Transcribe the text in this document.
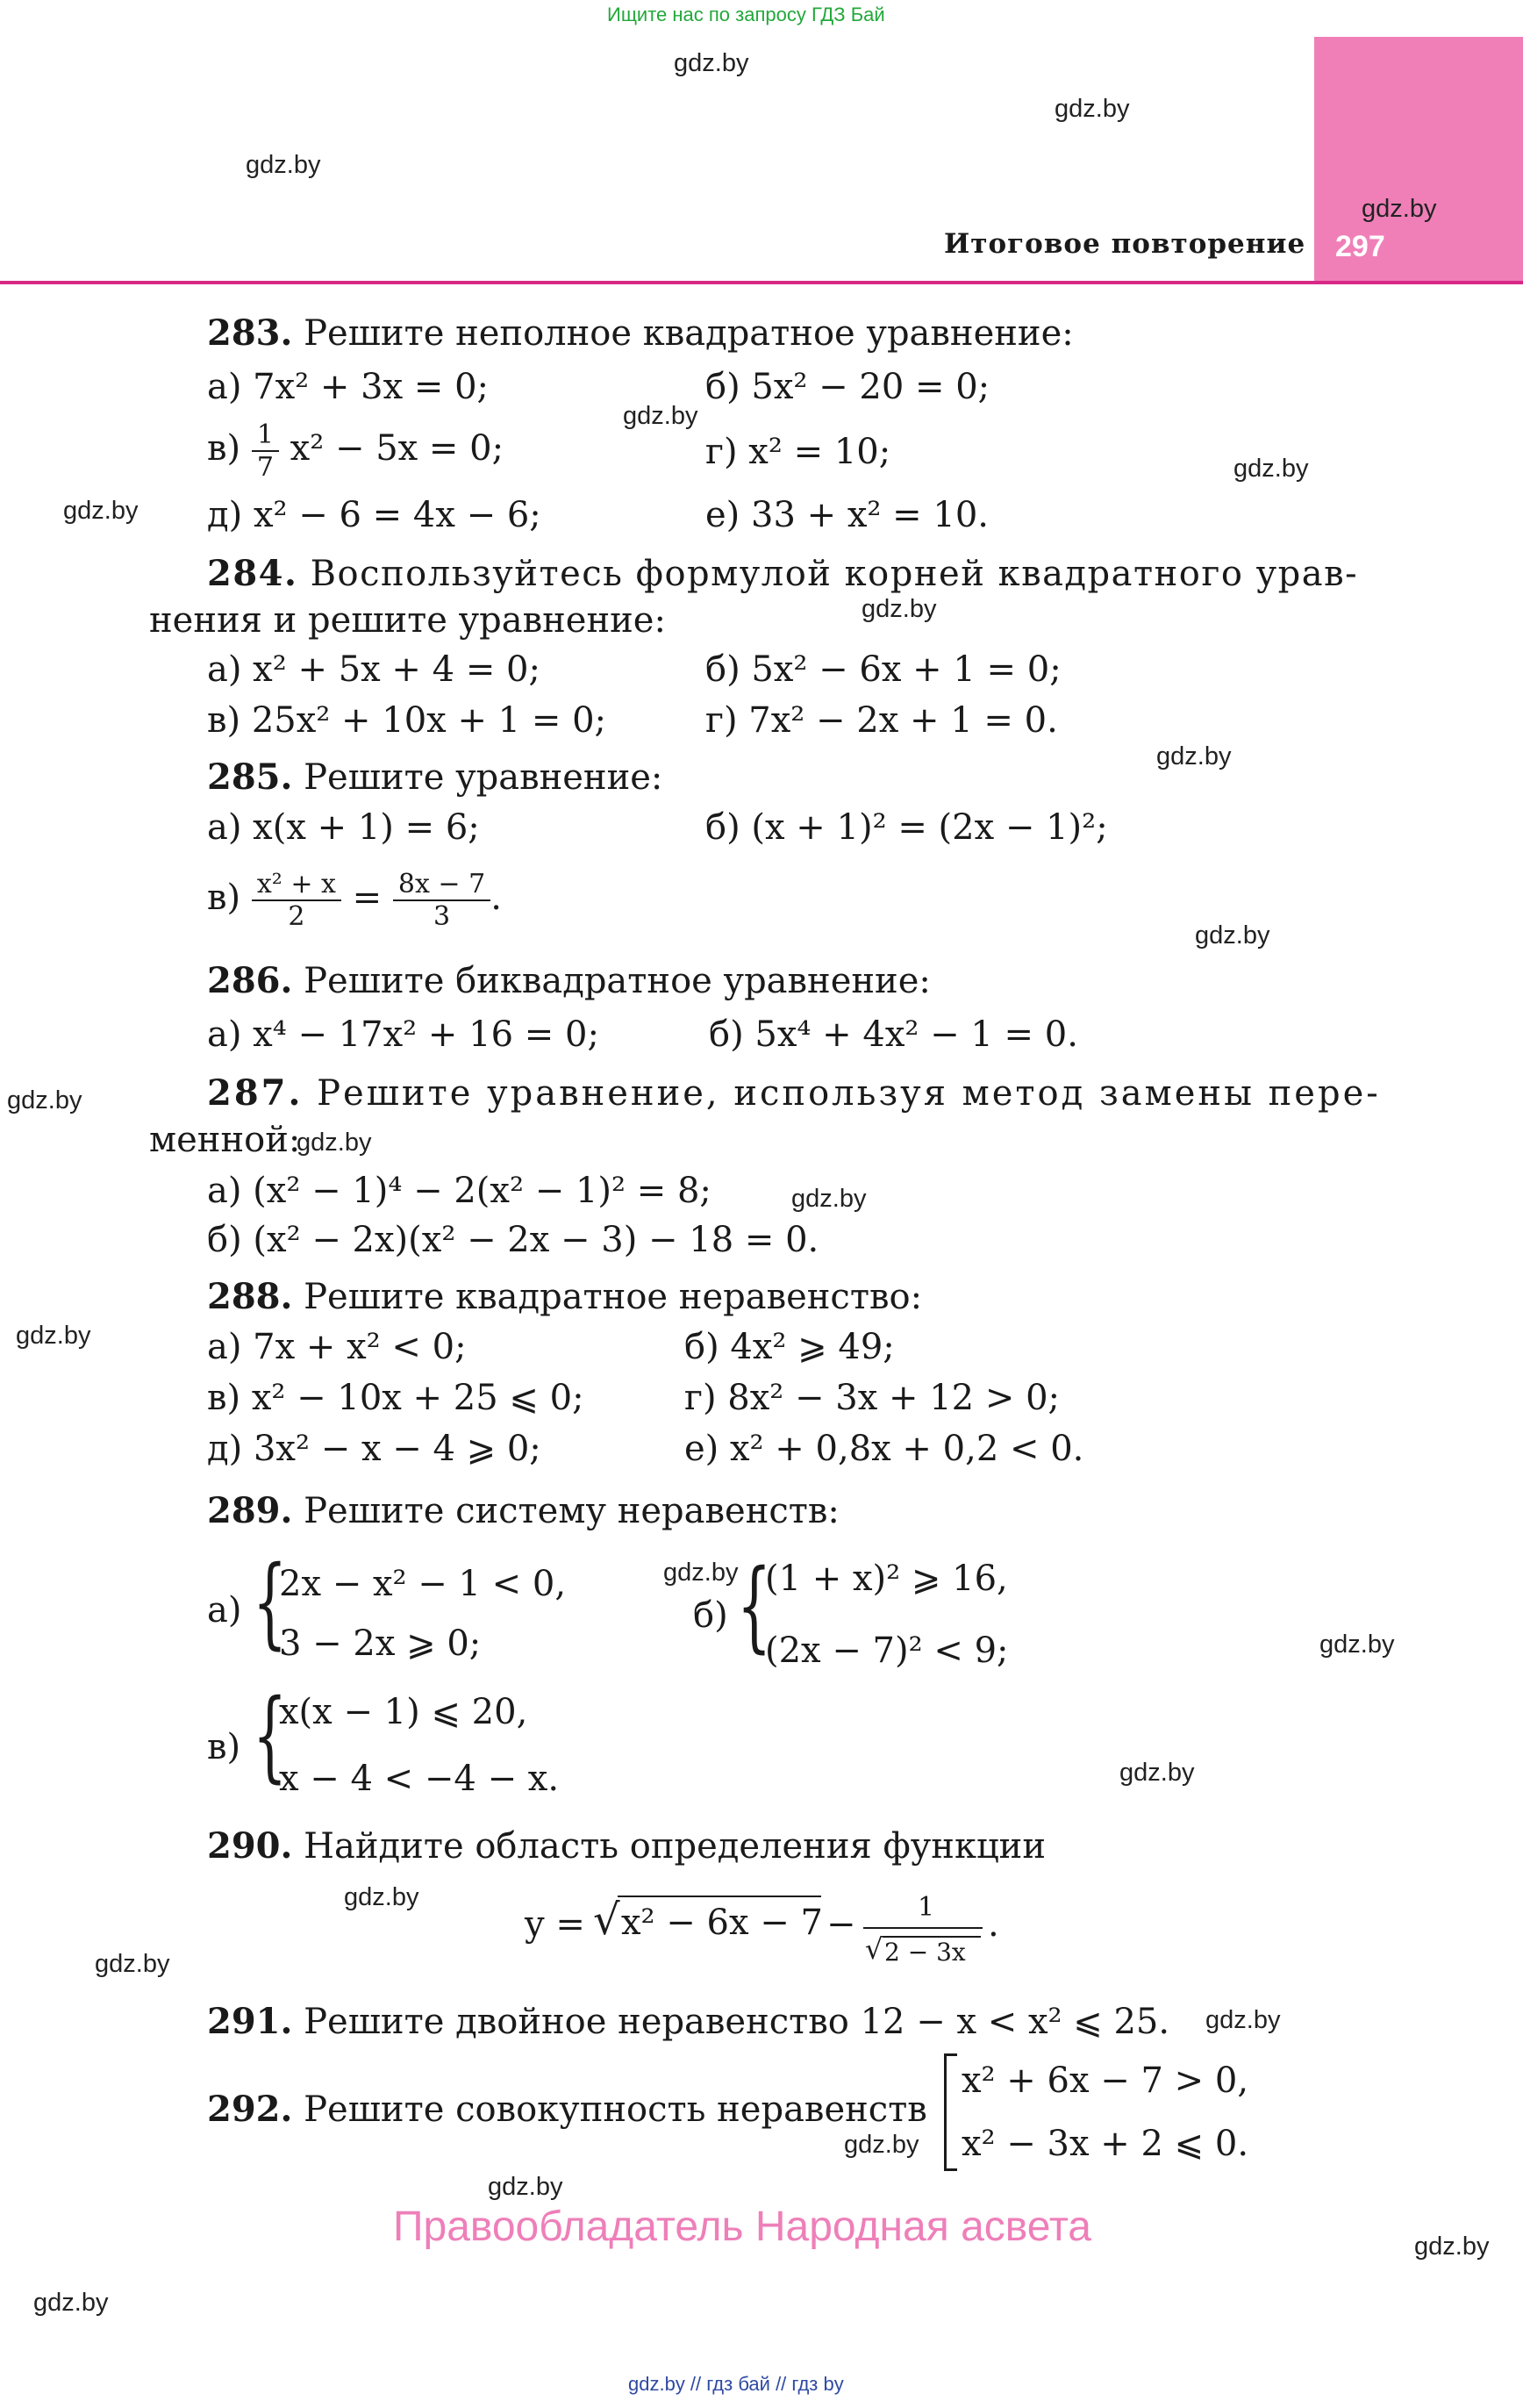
Ищите нас по запросу ГДЗ Бай
Итоговое повторение 297
gdz.by
gdz.by
gdz.by
gdz.by
gdz.by
gdz.by
gdz.by
gdz.by
gdz.by
gdz.by
gdz.by
gdz.by
gdz.by
gdz.by
gdz.by
gdz.by
gdz.by
gdz.by
gdz.by
gdz.by
gdz.by
gdz.by
gdz.by
gdz.by
283. Решите неполное квадратное уравнение:
а) 7x² + 3x = 0;	б) 5x² − 20 = 0;
$в) \frac{1}{7} x^2 - 5x = 0$;	г) x² = 10;
д) x² − 6 = 4x − 6;	е) 33 + x² = 10.
284. Воспользуйтесь формулой корней квадратного урав-
нения и решите уравнение:
а) x² + 5x + 4 = 0;	б) 5x² − 6x + 1 = 0;
в) 25x² + 10x + 1 = 0;	г) 7x² − 2x + 1 = 0.
285. Решите уравнение:
а) x(x + 1) = 6;	б) (x + 1)² = (2x − 1)²;
$в) \frac{\text{x² + x}}{2} = \frac{8x - 7}{3}$ .
286. Решите биквадратное уравнение:
а) x⁴ − 17x² + 16 = 0;	б) 5x⁴ + 4x² − 1 = 0.
287. Решите уравнение, используя метод замены пере-
менной:
а) (x² − 1)⁴ − 2(x² − 1)² = 8;
б) (x² − 2x)(x² − 2x − 3) − 18 = 0.
288. Решите квадратное неравенство:
а) 7x + x² < 0;	б) 4x² ⩾ 49;
в) x² − 10x + 25 ⩽ 0;	г) 8x² − 3x + 12 > 0;
д) 3x² − x − 4 ⩾ 0;	е) x² + 0,8x + 0,2 < 0.
289. Решите систему неравенств:
а) {
2x − x² − 1 < 0,
3 − 2x ⩾ 0;
б) {
(1 + x)² ⩾ 16,
(2x − 7)² < 9;
в) {
x(x − 1) ⩽ 20,
x − 4 < −4 − x.
290. Найдите область определения функции
y = √ x² − 6x − 7 − 1
√ 2 − 3x
.
291. Решите двойное неравенство 12 − x < x² ⩽ 25.
292. Решите совокупность неравенств
x² + 6x − 7 > 0,
x² − 3x + 2 ⩽ 0.
Правообладатель Народная асвета
gdz.by // гдз бай // гдз by
